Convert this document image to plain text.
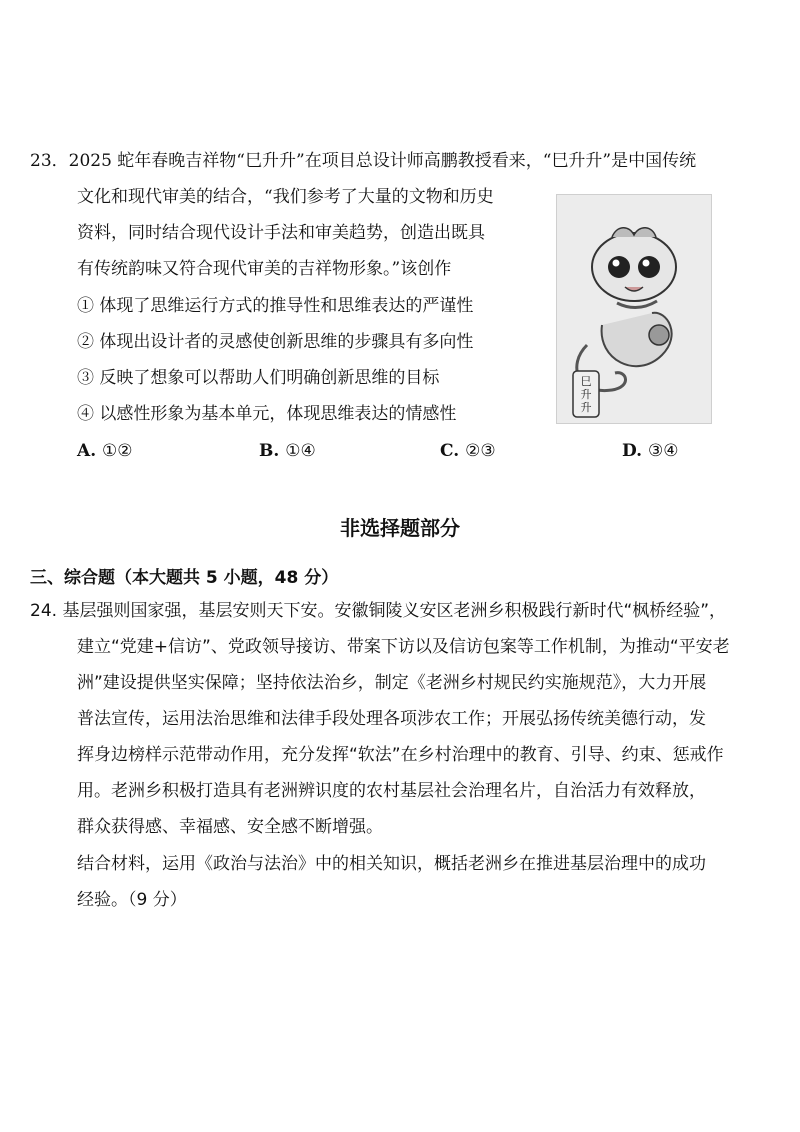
23．2025 蛇年春晚吉祥物“巳升升”在项目总设计师高鹏教授看来，“巳升升”是中国传统
文化和现代审美的结合，“我们参考了大量的文物和历史
资料，同时结合现代设计手法和审美趋势，创造出既具
有传统韵味又符合现代审美的吉祥物形象。”该创作
① 体现了思维运行方式的推导性和思维表达的严谨性
② 体现出设计者的灵感使创新思维的步骤具有多向性
③ 反映了想象可以帮助人们明确创新思维的目标
④ 以感性形象为基本单元，体现思维表达的情感性
A. ①②	B. ①④	C. ②③	D. ③④
巳升升
非选择题部分
三、综合题（本大题共 5 小题，48 分）
24. 基层强则国家强，基层安则天下安。安徽铜陵义安区老洲乡积极践行新时代“枫桥经验”，
建立“党建+信访”、党政领导接访、带案下访以及信访包案等工作机制，为推动“平安老
洲”建设提供坚实保障；坚持依法治乡，制定《老洲乡村规民约实施规范》，大力开展
普法宣传，运用法治思维和法律手段处理各项涉农工作；开展弘扬传统美德行动，发
挥身边榜样示范带动作用，充分发挥“软法”在乡村治理中的教育、引导、约束、惩戒作
用。老洲乡积极打造具有老洲辨识度的农村基层社会治理名片，自治活力有效释放，
群众获得感、幸福感、安全感不断增强。
结合材料，运用《政治与法治》中的相关知识，概括老洲乡在推进基层治理中的成功
经验。（9 分）
